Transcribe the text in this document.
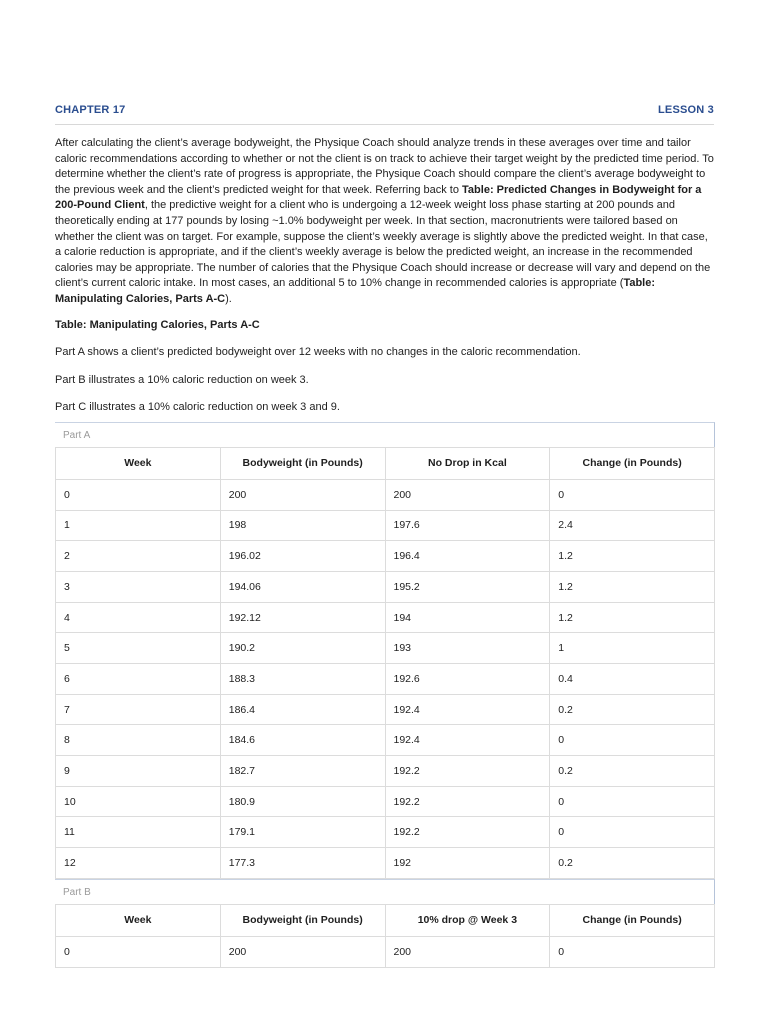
CHAPTER 17	LESSON 3

After calculating the client’s average bodyweight, the Physique Coach should analyze trends in these averages over time and tailor caloric recommendations according to whether or not the client is on track to achieve their target weight by the predicted time period. To determine whether the client’s rate of progress is appropriate, the Physique Coach should compare the client’s average bodyweight to the previous week and the client’s predicted weight for that week. Referring back to Table: Predicted Changes in Bodyweight for a 200-Pound Client, the predictive weight for a client who is undergoing a 12-week weight loss phase starting at 200 pounds and theoretically ending at 177 pounds by losing ~1.0% bodyweight per week. In that section, macronutrients were tailored based on whether the client was on target. For example, suppose the client’s weekly average is slightly above the predicted weight. In that case, a calorie reduction is appropriate, and if the client’s weekly average is below the predicted weight, an increase in the recommended calories may be appropriate. The number of calories that the Physique Coach should increase or decrease will vary and depend on the client’s current caloric intake. In most cases, an additional 5 to 10% change in recommended calories is appropriate (Table: Manipulating Calories, Parts A-C).

Table: Manipulating Calories, Parts A-C

Part A shows a client’s predicted bodyweight over 12 weeks with no changes in the caloric recommendation.

Part B illustrates a 10% caloric reduction on week 3.

Part C illustrates a 10% caloric reduction on week 3 and 9.

Part A
Week	Bodyweight (in Pounds)	No Drop in Kcal	Change (in Pounds)
0	200	200	0
1	198	197.6	2.4
2	196.02	196.4	1.2
3	194.06	195.2	1.2
4	192.12	194	1.2
5	190.2	193	1
6	188.3	192.6	0.4
7	186.4	192.4	0.2
8	184.6	192.4	0
9	182.7	192.2	0.2
10	180.9	192.2	0
11	179.1	192.2	0
12	177.3	192	0.2
Part B
Week	Bodyweight (in Pounds)	10% drop @ Week 3	Change (in Pounds)
0	200	200	0
